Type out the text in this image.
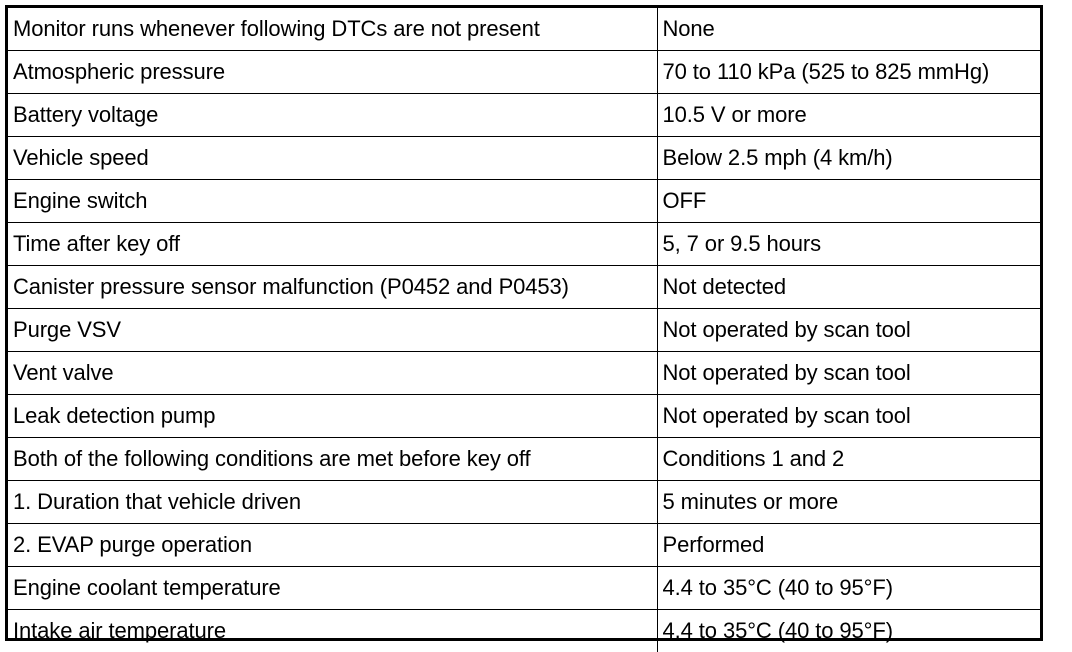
Monitor runs whenever following DTCs are not present	None
Atmospheric pressure	70 to 110 kPa (525 to 825 mmHg)
Battery voltage	10.5 V or more
Vehicle speed	Below 2.5 mph (4 km/h)
Engine switch	OFF
Time after key off	5, 7 or 9.5 hours
Canister pressure sensor malfunction (P0452 and P0453)	Not detected
Purge VSV	Not operated by scan tool
Vent valve	Not operated by scan tool
Leak detection pump	Not operated by scan tool
Both of the following conditions are met before key off	Conditions 1 and 2
1. Duration that vehicle driven	5 minutes or more
2. EVAP purge operation	Performed
Engine coolant temperature	4.4 to 35°C (40 to 95°F)
Intake air temperature	4.4 to 35°C (40 to 95°F)
